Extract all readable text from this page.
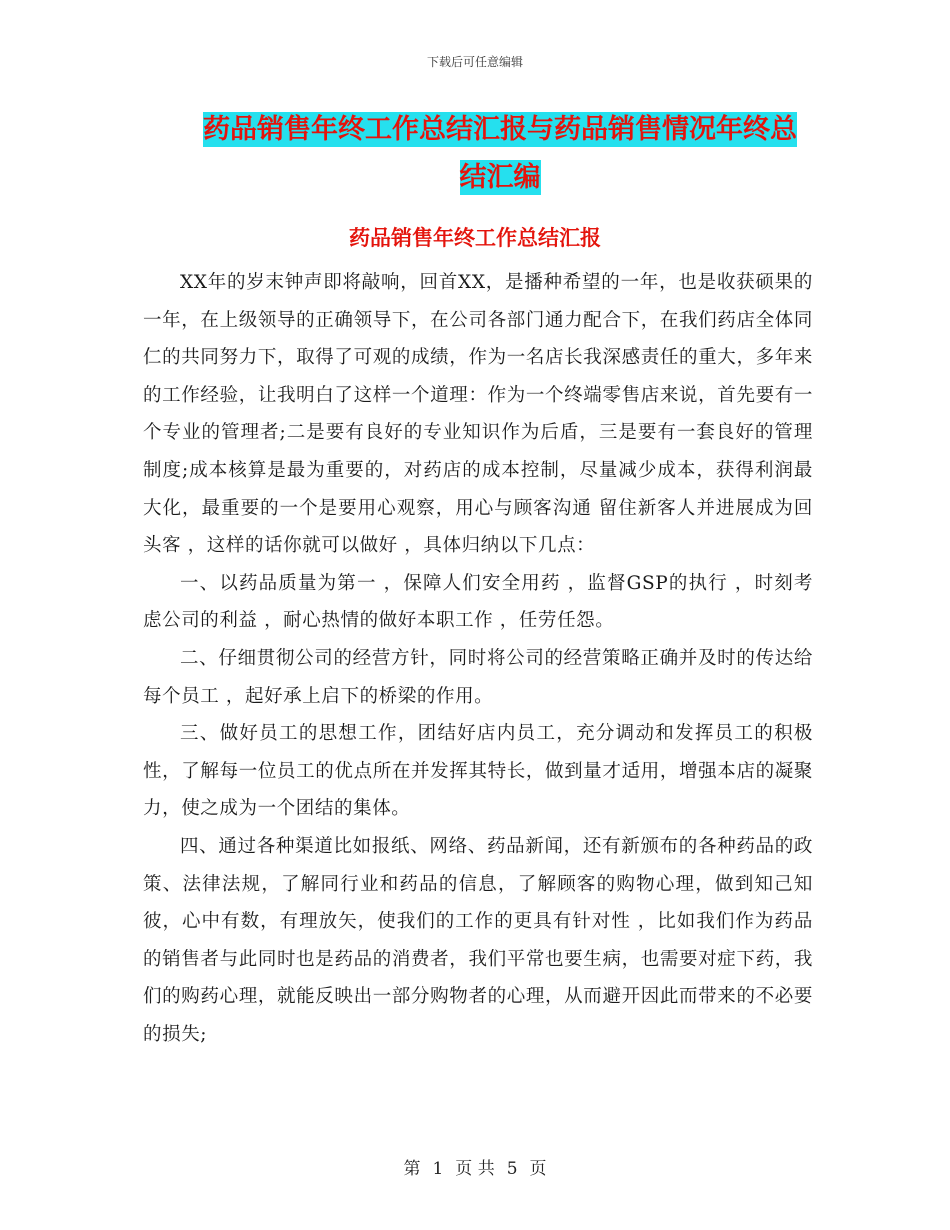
下载后可任意编辑
药品销售年终工作总结汇报与药品销售情况年终总结汇编
药品销售年终工作总结汇报

XX年的岁末钟声即将敲响，回首XX，是播种希望的一年，也是收获硕果的一年，在上级领导的正确领导下，在公司各部门通力配合下，在我们药店全体同仁的共同努力下，取得了可观的成绩，作为一名店长我深感责任的重大，多年来的工作经验，让我明白了这样一个道理：作为一个终端零售店来说，首先要有一个专业的管理者;二是要有良好的专业知识作为后盾，三是要有一套良好的管理制度;成本核算是最为重要的，对药店的成本控制，尽量减少成本，获得利润最大化，最重要的一个是要用心观察，用心与顾客沟通 留住新客人并进展成为回头客 ，这样的话你就可以做好 ，具体归纳以下几点：

一、以药品质量为第一 ，保障人们安全用药 ，监督GSP的执行 ，时刻考虑公司的利益 ，耐心热情的做好本职工作 ，任劳任怨。

二、仔细贯彻公司的经营方针，同时将公司的经营策略正确并及时的传达给每个员工 ，起好承上启下的桥梁的作用。

三、做好员工的思想工作，团结好店内员工，充分调动和发挥员工的积极性，了解每一位员工的优点所在并发挥其特长，做到量才适用，增强本店的凝聚力，使之成为一个团结的集体。

四、通过各种渠道比如报纸、网络、药品新闻，还有新颁布的各种药品的政策、法律法规，了解同行业和药品的信息，了解顾客的购物心理，做到知己知彼，心中有数，有理放矢，使我们的工作的更具有针对性 ，比如我们作为药品的销售者与此同时也是药品的消费者，我们平常也要生病，也需要对症下药，我们的购药心理，就能反映出一部分购物者的心理，从而避开因此而带来的不必要的损失;

第 1 页 共 5 页
